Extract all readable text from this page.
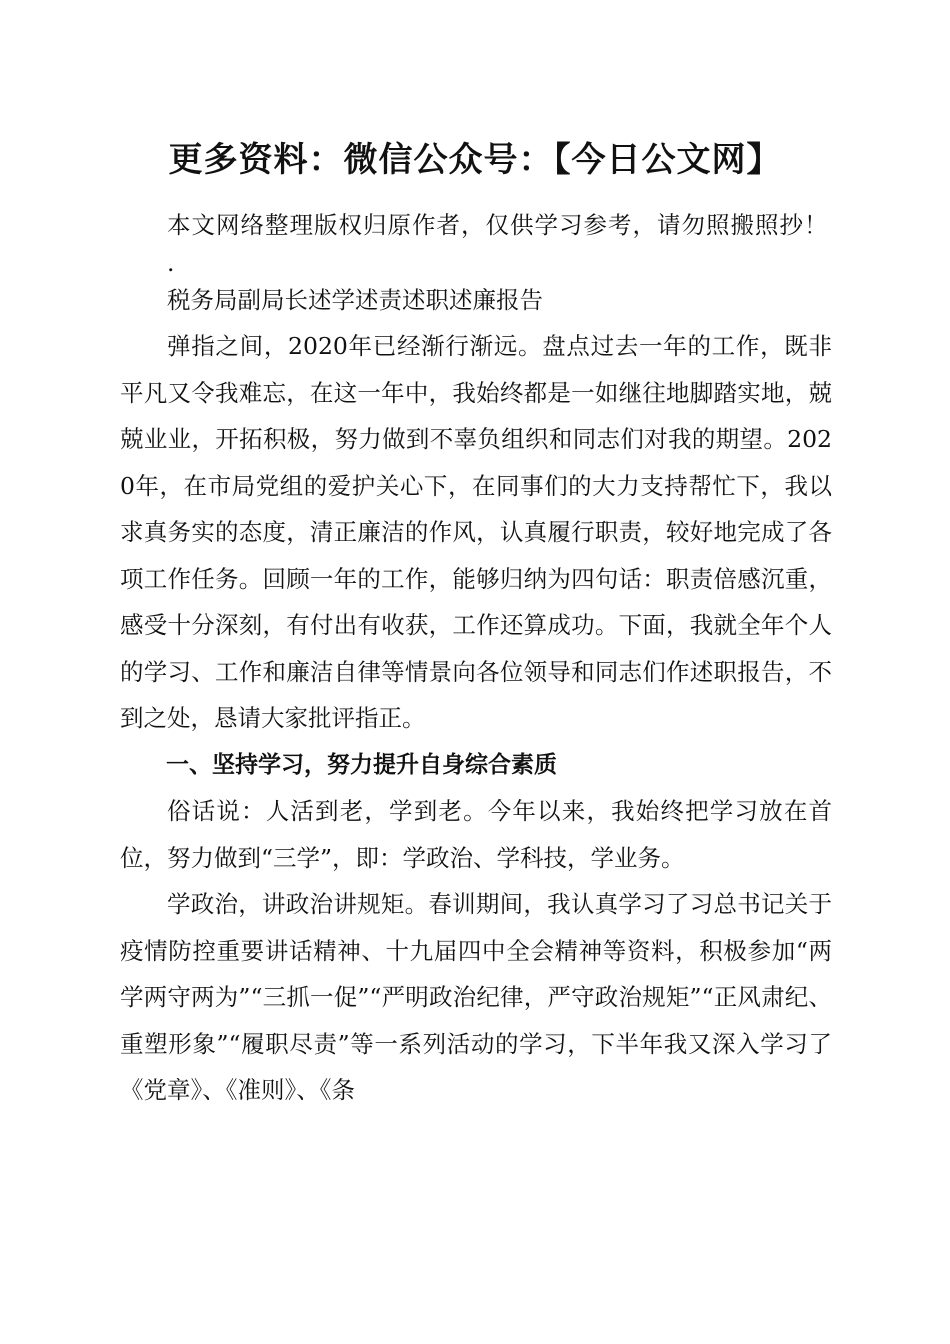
更多资料：微信公众号：【今日公文网】

本文网络整理版权归原作者，仅供学习参考，请勿照搬照抄！

.

税务局副局长述学述责述职述廉报告

弹指之间，2020年已经渐行渐远。盘点过去一年的工作，既非平凡又令我难忘，在这一年中，我始终都是一如继往地脚踏实地，兢兢业业，开拓积极，努力做到不辜负组织和同志们对我的期望。2020年，在市局党组的爱护关心下，在同事们的大力支持帮忙下，我以求真务实的态度，清正廉洁的作风，认真履行职责，较好地完成了各项工作任务。回顾一年的工作，能够归纳为四句话：职责倍感沉重，感受十分深刻，有付出有收获，工作还算成功。下面，我就全年个人的学习、工作和廉洁自律等情景向各位领导和同志们作述职报告，不到之处，恳请大家批评指正。

一、坚持学习，努力提升自身综合素质

俗话说：人活到老，学到老。今年以来，我始终把学习放在首位，努力做到“三学”，即：学政治、学科技，学业务。

学政治，讲政治讲规矩。春训期间，我认真学习了习总书记关于疫情防控重要讲话精神、十九届四中全会精神等资料，积极参加“两学两守两为”“三抓一促”“严明政治纪律，严守政治规矩”“正风肃纪、重塑形象”“履职尽责”等一系列活动的学习，下半年我又深入学习了《党章》、《准则》、《条
